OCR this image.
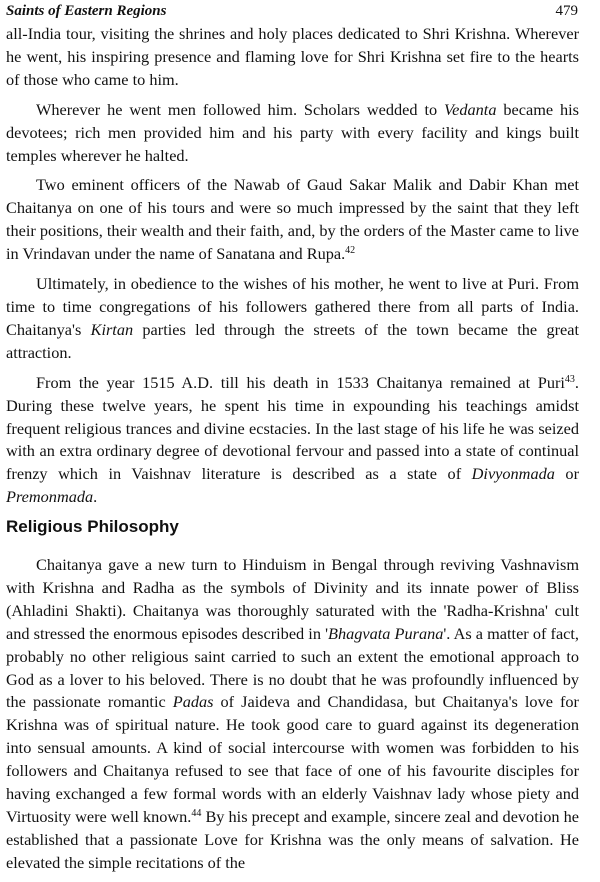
Saints of Eastern Regions	479

all-India tour, visiting the shrines and holy places dedicated to Shri Krishna. Wherever he went, his inspiring presence and flaming love for Shri Krishna set fire to the hearts of those who came to him.

Wherever he went men followed him. Scholars wedded to Vedanta became his devotees; rich men provided him and his party with every facility and kings built temples wherever he halted.

Two eminent officers of the Nawab of Gaud Sakar Malik and Dabir Khan met Chaitanya on one of his tours and were so much impressed by the saint that they left their positions, their wealth and their faith, and, by the orders of the Master came to live in Vrindavan under the name of Sanatana and Rupa.$^{42}$

Ultimately, in obedience to the wishes of his mother, he went to live at Puri. From time to time congregations of his followers gathered there from all parts of India. Chaitanya's Kirtan parties led through the streets of the town became the great attraction.

From the year 1515 A.D. till his death in 1533 Chaitanya remained at Puri$^{43}$. During these twelve years, he spent his time in expounding his teachings amidst frequent religious trances and divine ecstacies. In the last stage of his life he was seized with an extra ordinary degree of devotional fervour and passed into a state of continual frenzy which in Vaishnav literature is described as a state of Divyonmada or Premonmada.

Religious Philosophy

Chaitanya gave a new turn to Hinduism in Bengal through reviving Vashnavism with Krishna and Radha as the symbols of Divinity and its innate power of Bliss (Ahladini Shakti). Chaitanya was thoroughly saturated with the 'Radha-Krishna' cult and stressed the enormous episodes described in 'Bhagvata Purana'. As a matter of fact, probably no other religious saint carried to such an extent the emotional approach to God as a lover to his beloved. There is no doubt that he was profoundly influenced by the passionate romantic Padas of Jaideva and Chandidasa, but Chaitanya's love for Krishna was of spiritual nature. He took good care to guard against its degeneration into sensual amounts. A kind of social intercourse with women was forbidden to his followers and Chaitanya refused to see that face of one of his favourite disciples for having exchanged a few formal words with an elderly Vaishnav lady whose piety and Virtuosity were well known.$^{44}$ By his precept and example, sincere zeal and devotion he established that a passionate Love for Krishna was the only means of salvation. He elevated the simple recitations of the
